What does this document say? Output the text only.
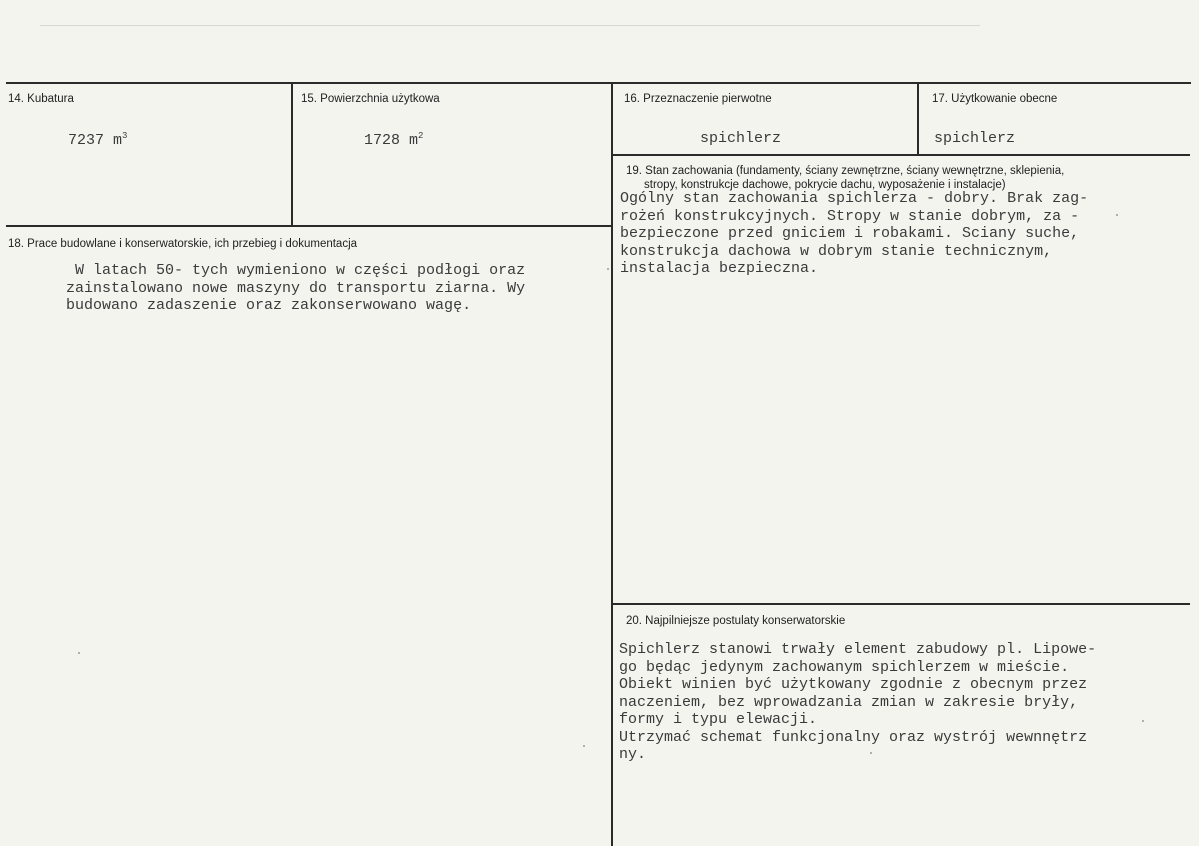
14. Kubatura
7237 $m^3$
15. Powierzchnia użytkowa
1728 $m^2$
16. Przeznaczenie pierwotne
spichlerz
17. Użytkowanie obecne
spichlerz
18. Prace budowlane i konserwatorskie, ich przebieg i dokumentacja
W latach 50- tych wymieniono w części podłogi oraz
zainstalowano nowe maszyny do transportu ziarna. Wy
budowano zadaszenie oraz zakonserwowano wagę.
19. Stan zachowania (fundamenty, ściany zewnętrzne, ściany wewnętrzne, sklepienia,
stropy, konstrukcje dachowe, pokrycie dachu, wyposażenie i instalacje)
Ogólny stan zachowania spichlerza - dobry. Brak zag-
rożeń konstrukcyjnych. Stropy w stanie dobrym, za -
bezpieczone przed gniciem i robakami. Sciany suche,
konstrukcja dachowa w dobrym stanie technicznym,
instalacja bezpieczna.
20. Najpilniejsze postulaty konserwatorskie
Spichlerz stanowi trwały element zabudowy pl. Lipowe-
go będąc jedynym zachowanym spichlerzem w mieście.
Obiekt winien być użytkowany zgodnie z obecnym przez
naczeniem, bez wprowadzania zmian w zakresie bryły,
formy i typu elewacji.
Utrzymać schemat funkcjonalny oraz wystrój wewnnętrz
ny.
